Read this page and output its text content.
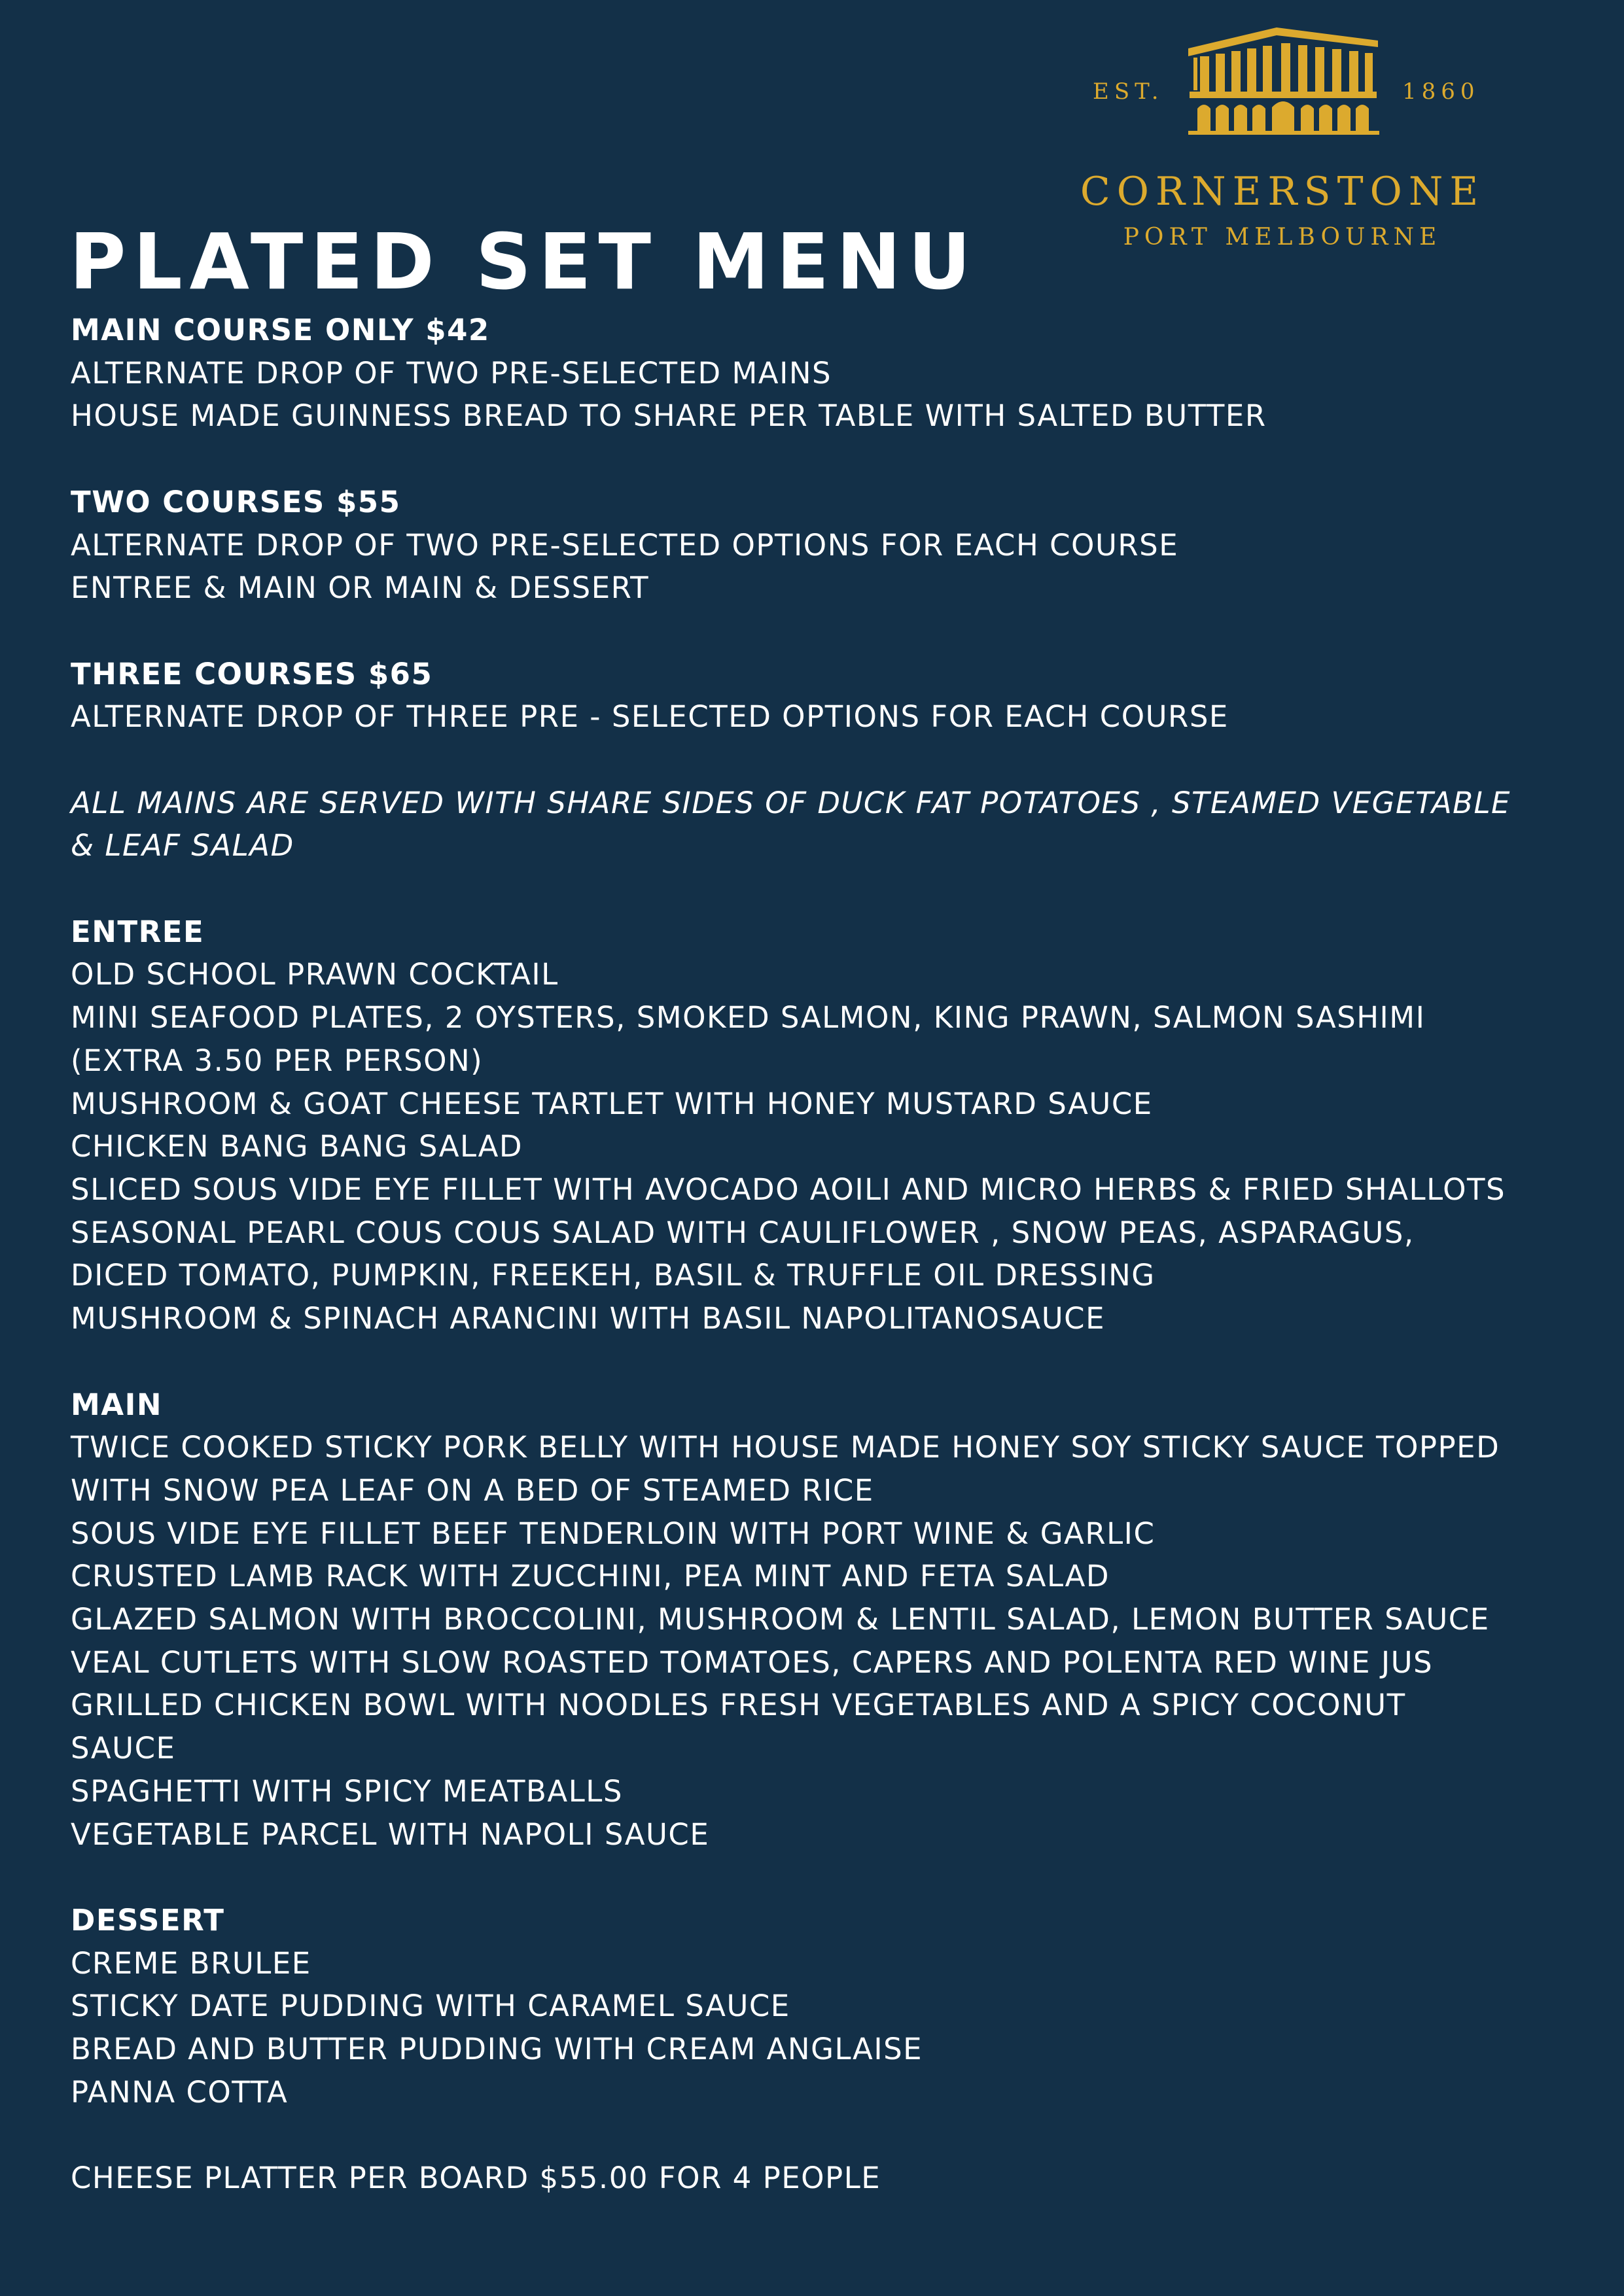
EST.	1860
CORNERSTONE
PORT MELBOURNE
PLATED SET MENU

MAIN COURSE ONLY $42

ALTERNATE DROP OF TWO PRE-SELECTED MAINS

HOUSE MADE GUINNESS BREAD TO SHARE PER TABLE WITH SALTED BUTTER

TWO COURSES $55

ALTERNATE DROP OF TWO PRE-SELECTED OPTIONS FOR EACH COURSE

ENTREE & MAIN OR MAIN & DESSERT

THREE COURSES $65

ALTERNATE DROP OF THREE PRE - SELECTED OPTIONS FOR EACH COURSE

ALL MAINS ARE SERVED WITH SHARE SIDES OF DUCK FAT POTATOES , STEAMED VEGETABLE

& LEAF SALAD

ENTREE

OLD SCHOOL PRAWN COCKTAIL

MINI SEAFOOD PLATES, 2 OYSTERS, SMOKED SALMON, KING PRAWN, SALMON SASHIMI

(EXTRA 3.50 PER PERSON)

MUSHROOM & GOAT CHEESE TARTLET WITH HONEY MUSTARD SAUCE

CHICKEN BANG BANG SALAD

SLICED SOUS VIDE EYE FILLET WITH AVOCADO AOILI AND MICRO HERBS & FRIED SHALLOTS

SEASONAL PEARL COUS COUS SALAD WITH CAULIFLOWER , SNOW PEAS, ASPARAGUS,

DICED TOMATO, PUMPKIN, FREEKEH, BASIL & TRUFFLE OIL DRESSING

MUSHROOM & SPINACH ARANCINI WITH BASIL NAPOLITANOSAUCE

MAIN

TWICE COOKED STICKY PORK BELLY WITH HOUSE MADE HONEY SOY STICKY SAUCE TOPPED

WITH SNOW PEA LEAF ON A BED OF STEAMED RICE

SOUS VIDE EYE FILLET BEEF TENDERLOIN WITH PORT WINE & GARLIC

CRUSTED LAMB RACK WITH ZUCCHINI, PEA MINT AND FETA SALAD

GLAZED SALMON WITH BROCCOLINI, MUSHROOM & LENTIL SALAD, LEMON BUTTER SAUCE

VEAL CUTLETS WITH SLOW ROASTED TOMATOES, CAPERS AND POLENTA RED WINE JUS

GRILLED CHICKEN BOWL WITH NOODLES FRESH VEGETABLES AND A SPICY COCONUT

SAUCE

SPAGHETTI WITH SPICY MEATBALLS

VEGETABLE PARCEL WITH NAPOLI SAUCE

DESSERT

CREME BRULEE

STICKY DATE PUDDING WITH CARAMEL SAUCE

BREAD AND BUTTER PUDDING WITH CREAM ANGLAISE

PANNA COTTA

CHEESE PLATTER PER BOARD $55.00 FOR 4 PEOPLE
